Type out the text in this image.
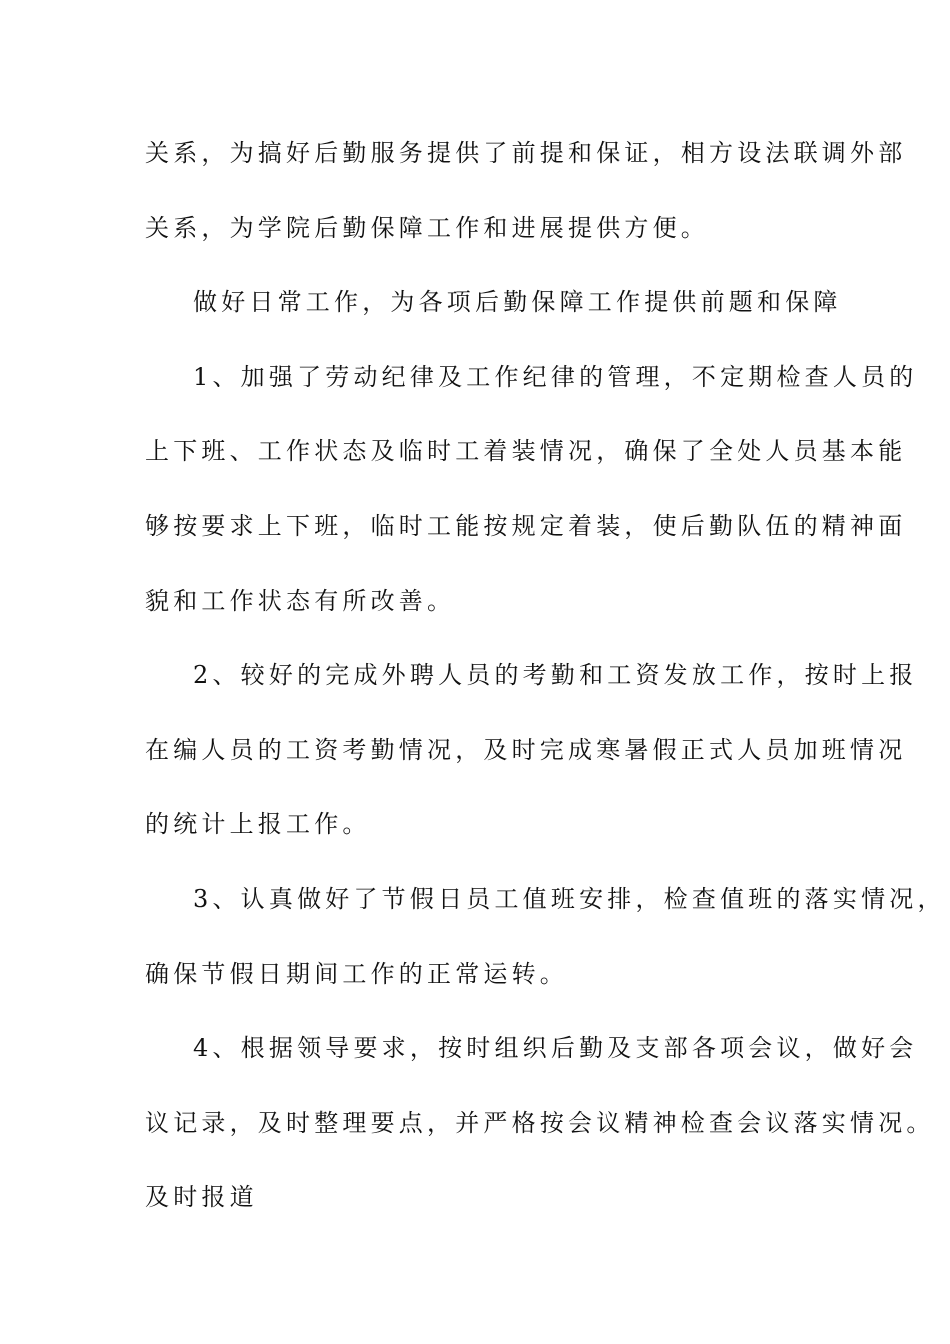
关系，为搞好后勤服务提供了前提和保证，相方设法联调外部
关系，为学院后勤保障工作和进展提供方便。
做好日常工作，为各项后勤保障工作提供前题和保障
1、加强了劳动纪律及工作纪律的管理，不定期检查人员的
上下班、工作状态及临时工着装情况，确保了全处人员基本能
够按要求上下班，临时工能按规定着装，使后勤队伍的精神面
貌和工作状态有所改善。
2、较好的完成外聘人员的考勤和工资发放工作，按时上报
在编人员的工资考勤情况，及时完成寒暑假正式人员加班情况
的统计上报工作。
3、认真做好了节假日员工值班安排，检查值班的落实情况，
确保节假日期间工作的正常运转。
4、根据领导要求，按时组织后勤及支部各项会议，做好会
议记录，及时整理要点，并严格按会议精神检查会议落实情况。
及时报道
